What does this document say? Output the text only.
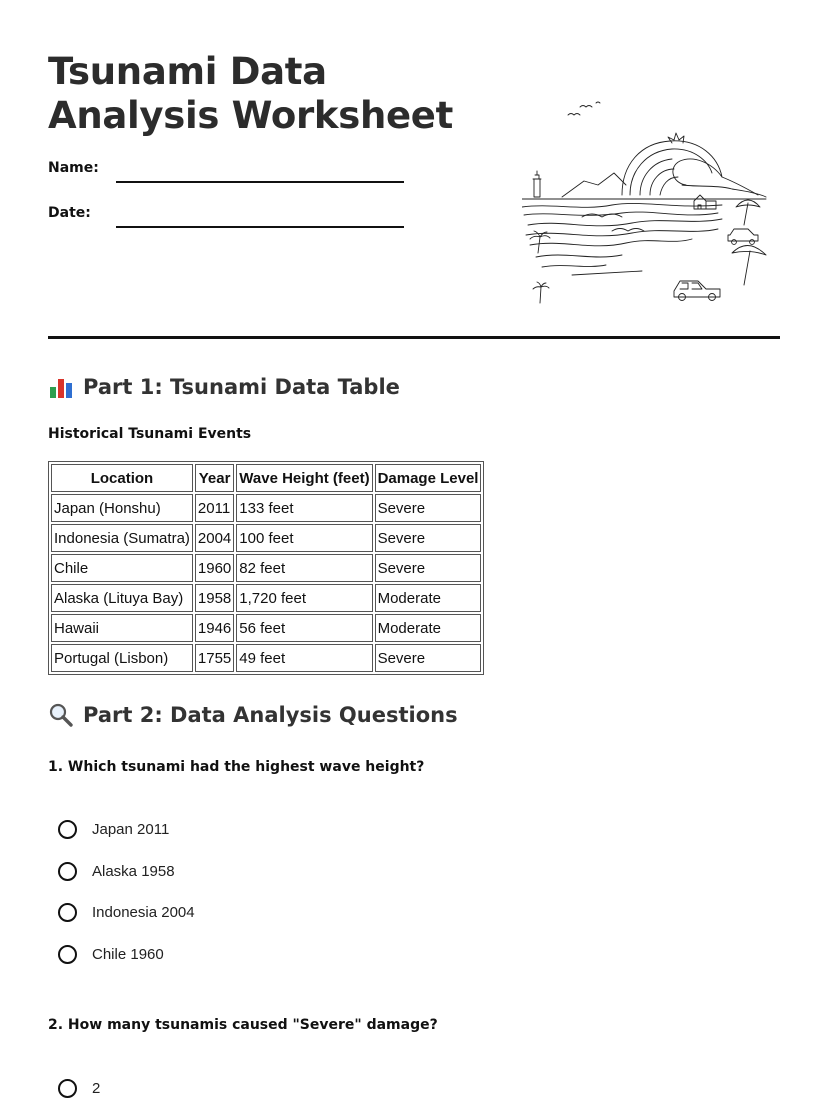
Tsunami Data Analysis Worksheet
Name:
Date:
Part 1: Tsunami Data Table
Historical Tsunami Events
Location	Year	Wave Height (feet)	Damage Level
Japan (Honshu)	2011	133 feet	Severe
Indonesia (Sumatra)	2004	100 feet	Severe
Chile	1960	82 feet	Severe
Alaska (Lituya Bay)	1958	1,720 feet	Moderate
Hawaii	1946	56 feet	Moderate
Portugal (Lisbon)	1755	49 feet	Severe
Part 2: Data Analysis Questions
1. Which tsunami had the highest wave height?
Japan 2011
Alaska 1958
Indonesia 2004
Chile 1960
2. How many tsunamis caused "Severe" damage?
2
